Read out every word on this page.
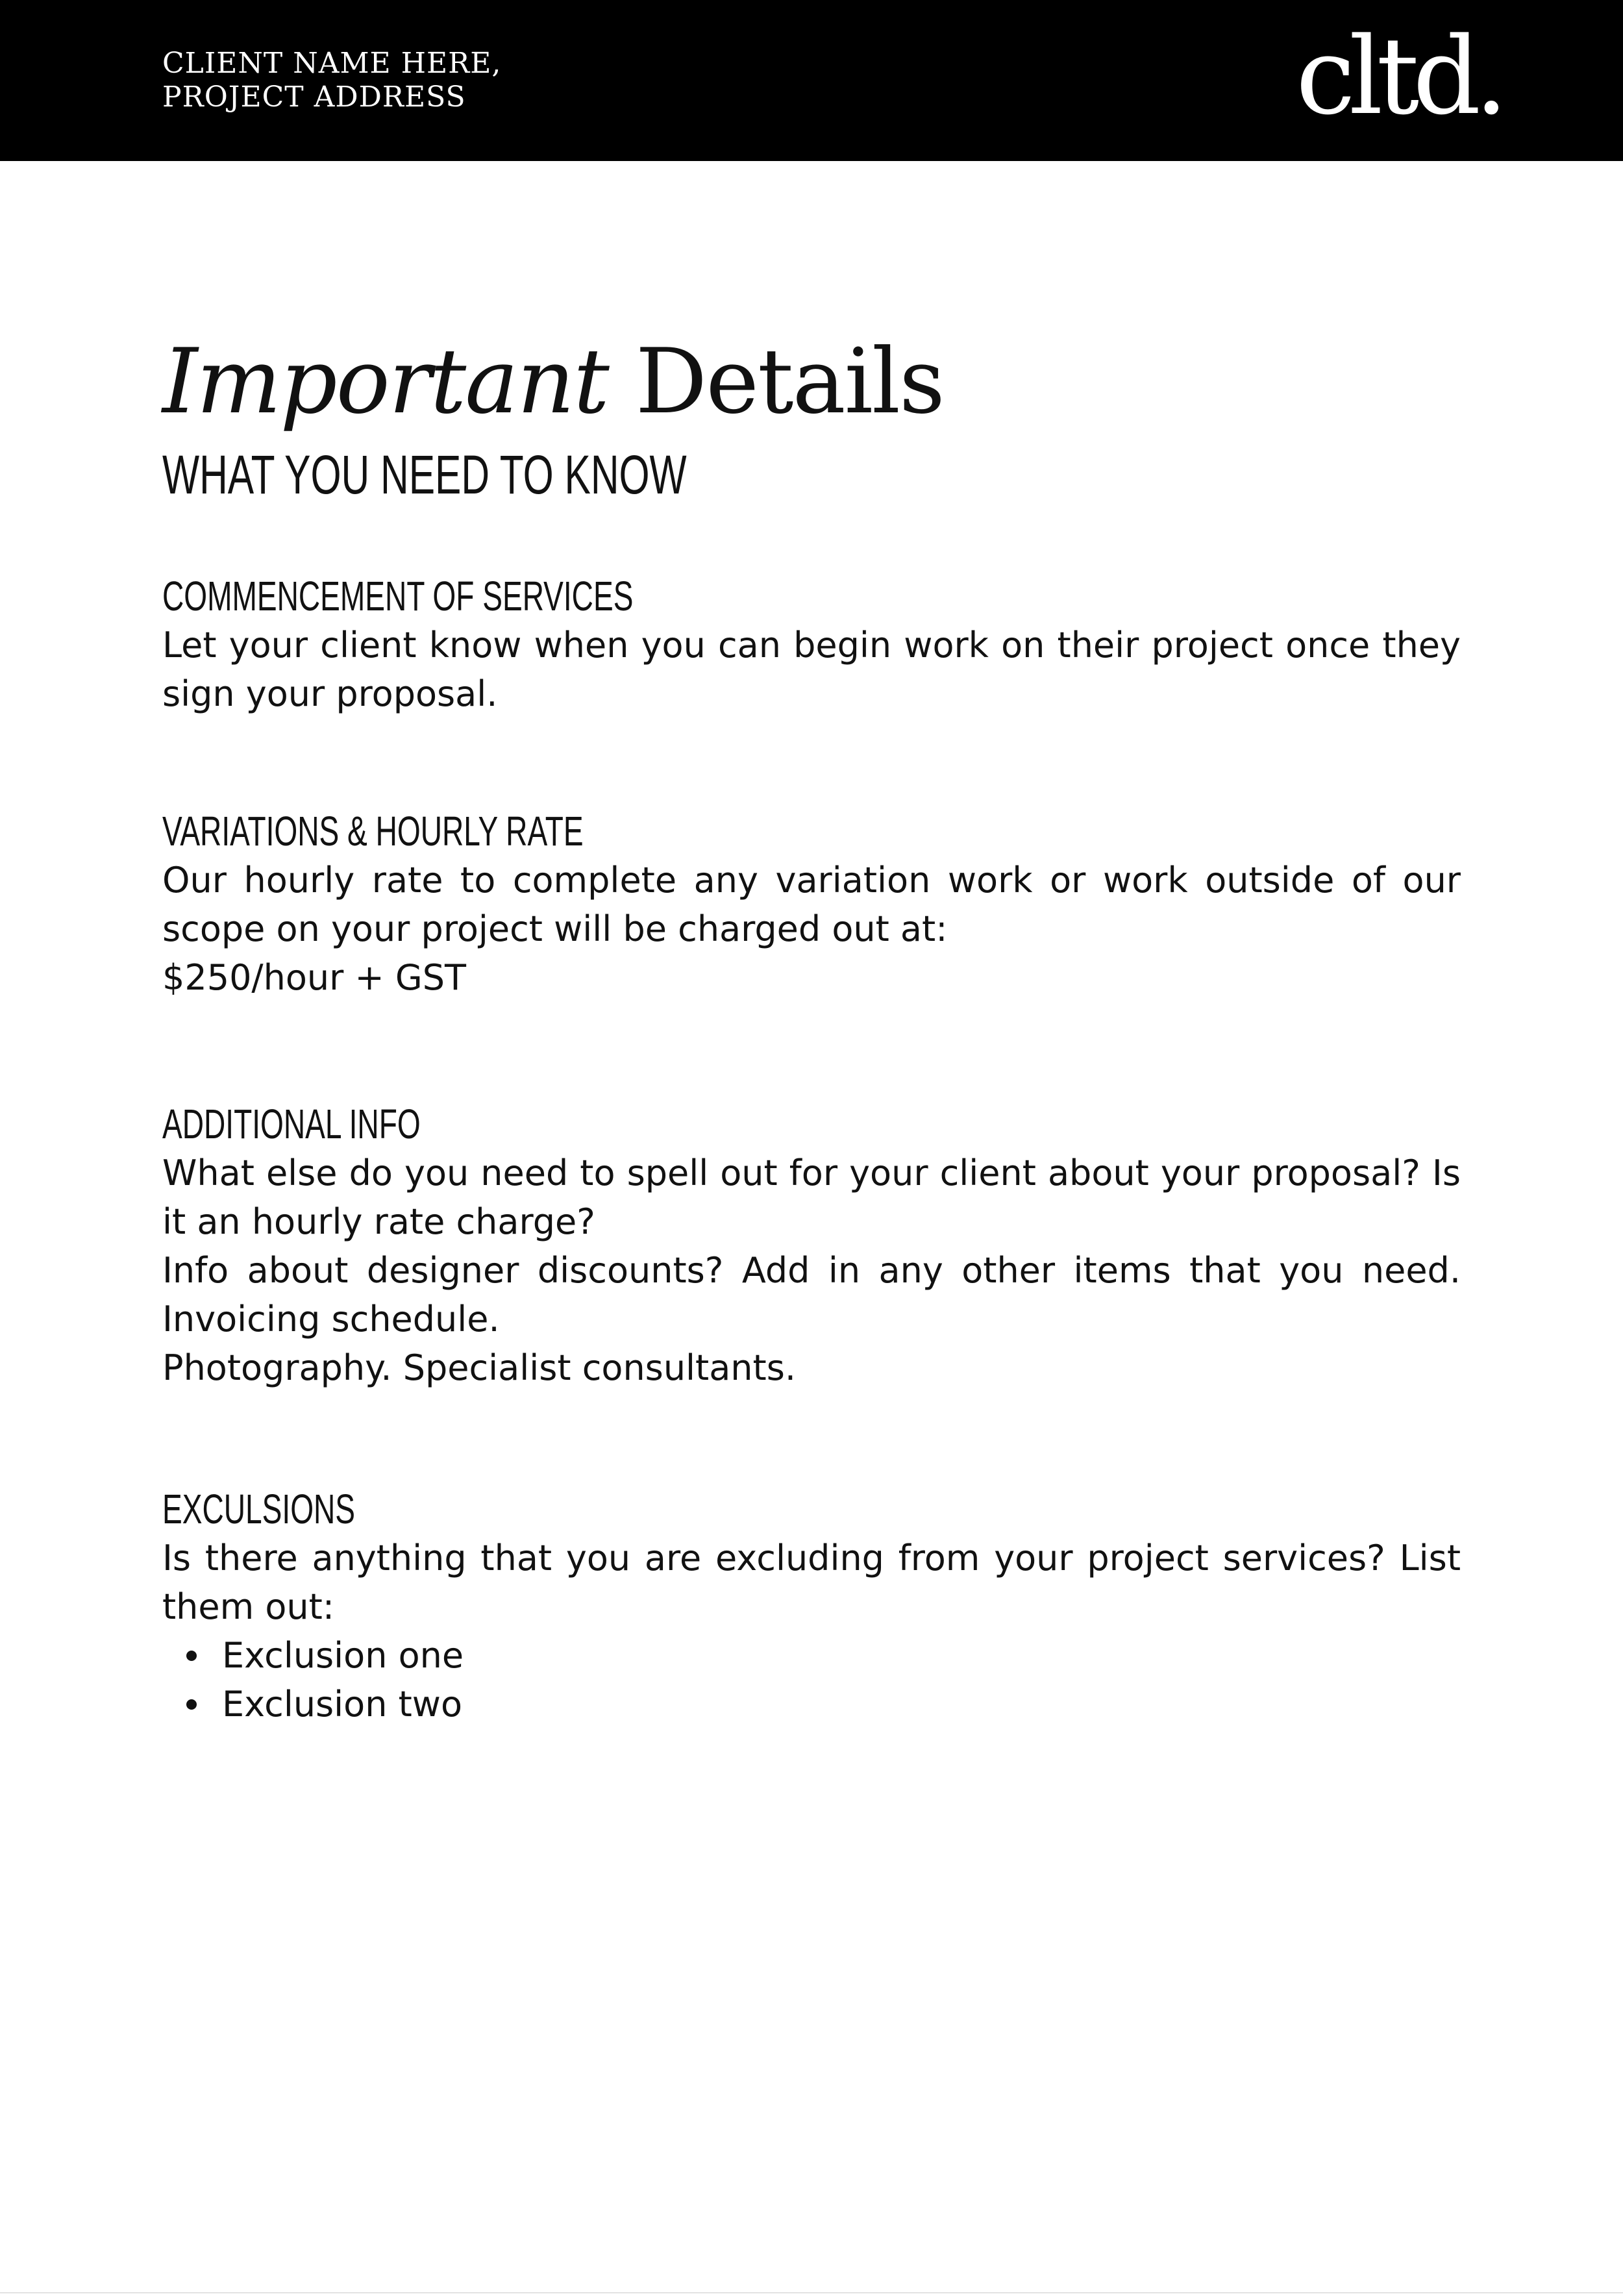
CLIENT NAME HERE,
PROJECT ADDRESS	cltd.
Important Details
WHAT YOU NEED TO KNOW
COMMENCEMENT OF SERVICES

Let your client know when you can begin work on their project once they sign your proposal.

VARIATIONS & HOURLY RATE

Our hourly rate to complete any variation work or work outside of our scope on your project will be charged out at:

$250/hour + GST

ADDITIONAL INFO

What else do you need to spell out for your client about your proposal? Is it an hourly rate charge?

Info about designer discounts? Add in any other items that you need. Invoicing schedule.

Photography. Specialist consultants.

EXCULSIONS

Is there anything that you are excluding from your project services? List them out:

Exclusion one
Exclusion two
